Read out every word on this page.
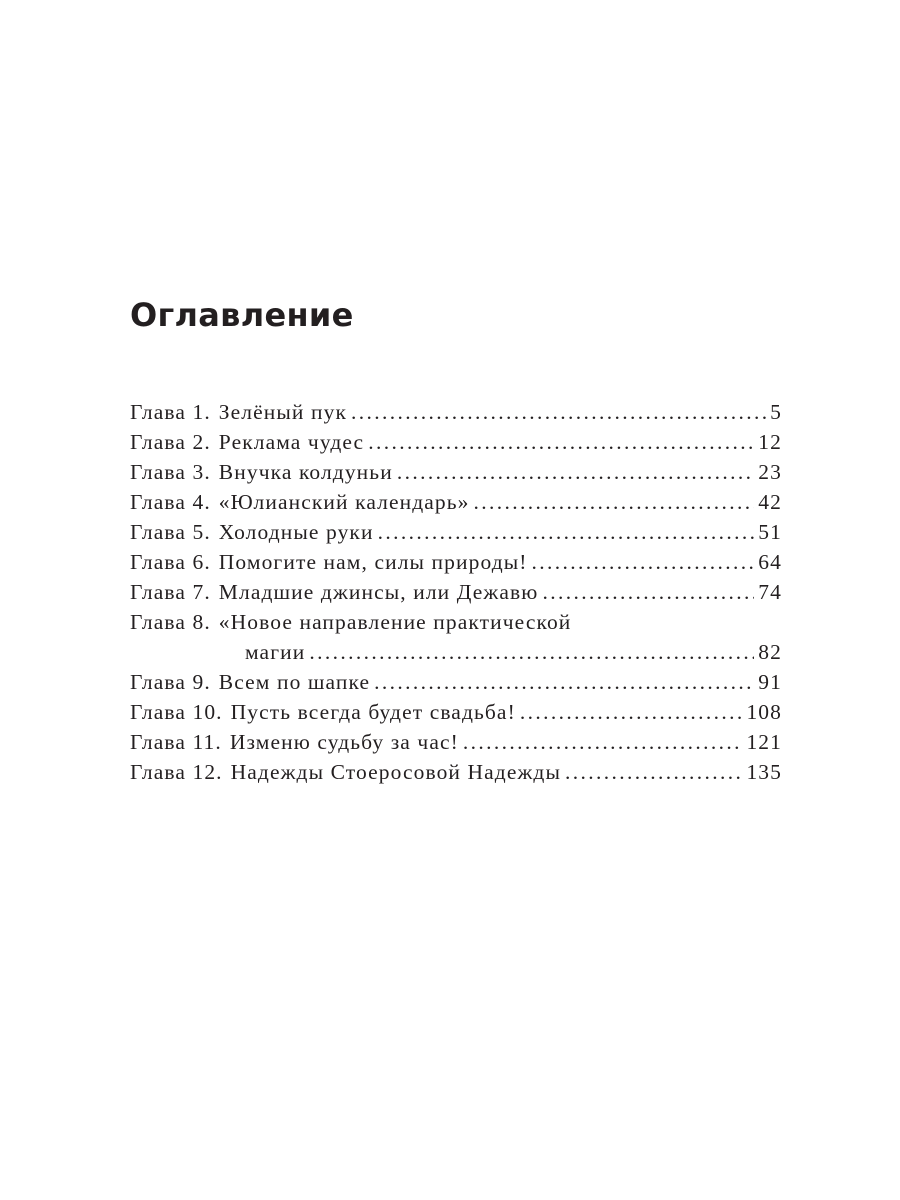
Оглавление
Глава 1. Зелёный пук . . .	5
Глава 2. Реклама чудес . . .	12
Глава 3. Внучка колдуньи . . .	23
Глава 4. «Юлианский календарь» . . .	42
Глава 5. Холодные руки . . .	51
Глава 6. Помогите нам, силы природы! . . .	64
Глава 7. Младшие джинсы, или Дежавю . . .	74
Глава 8. «Новое направление практической
магии . . .	82
Глава 9. Всем по шапке . . .	91
Глава 10. Пусть всегда будет свадьба! . . .	108
Глава 11. Изменю судьбу за час! . . .	121
Глава 12. Надежды Стоеросовой Надежды . . .	135
